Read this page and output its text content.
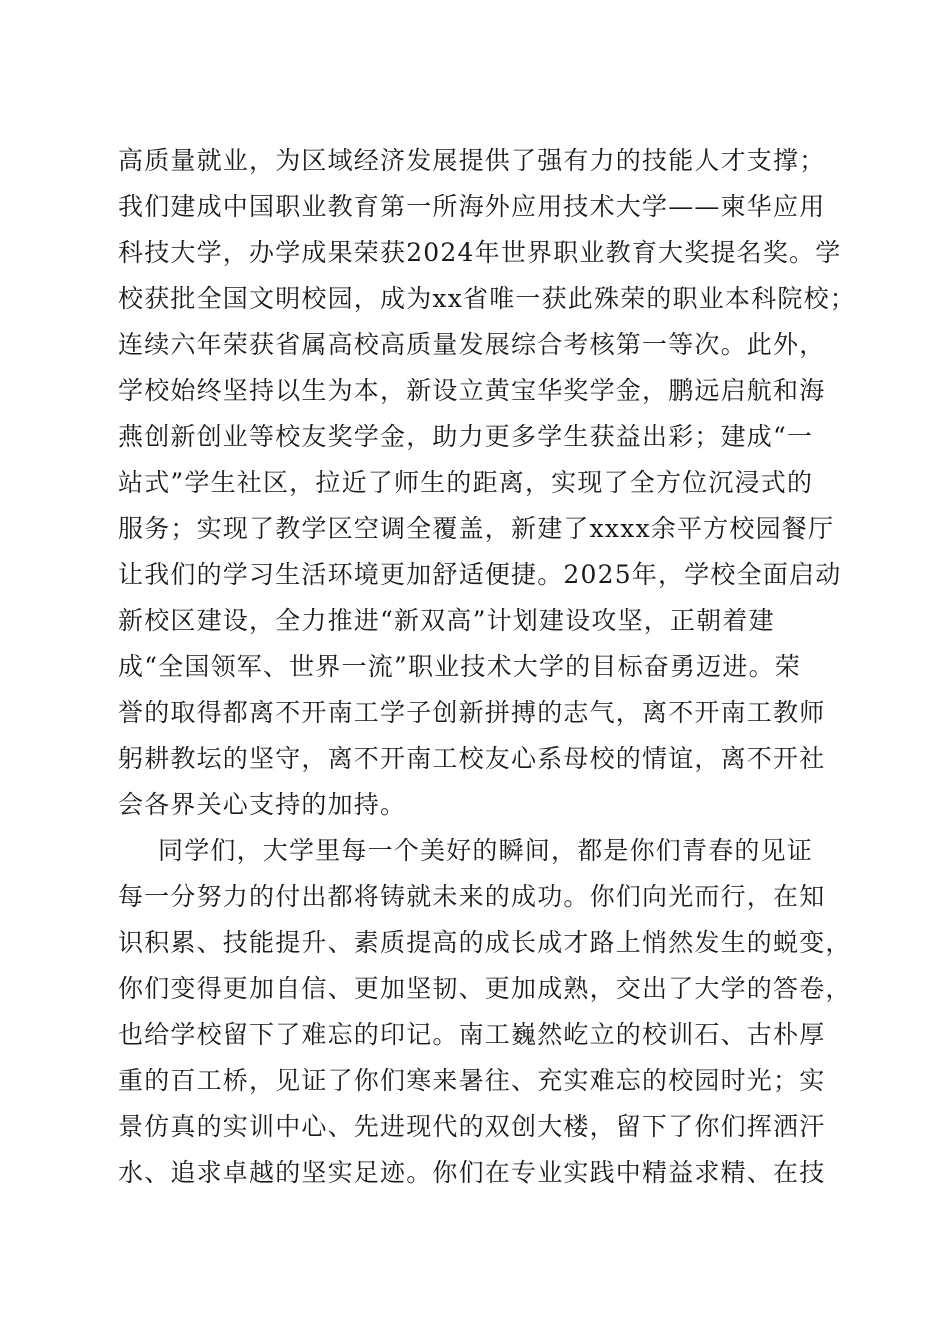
高质量就业，为区域经济发展提供了强有力的技能人才支撑；
我们建成中国职业教育第一所海外应用技术大学——柬华应用
科技大学，办学成果荣获2024年世界职业教育大奖提名奖。学
校获批全国文明校园，成为xx省唯一获此殊荣的职业本科院校；
连续六年荣获省属高校高质量发展综合考核第一等次。此外，
学校始终坚持以生为本，新设立黄宝华奖学金，鹏远启航和海
燕创新创业等校友奖学金，助力更多学生获益出彩；建成“一
站式”学生社区，拉近了师生的距离，实现了全方位沉浸式的
服务；实现了教学区空调全覆盖，新建了xxxx余平方校园餐厅
让我们的学习生活环境更加舒适便捷。2025年，学校全面启动
新校区建设，全力推进“新双高”计划建设攻坚，正朝着建
成“全国领军、世界一流”职业技术大学的目标奋勇迈进。荣
誉的取得都离不开南工学子创新拼搏的志气，离不开南工教师
躬耕教坛的坚守，离不开南工校友心系母校的情谊，离不开社
会各界关心支持的加持。
同学们，大学里每一个美好的瞬间，都是你们青春的见证
每一分努力的付出都将铸就未来的成功。你们向光而行，在知
识积累、技能提升、素质提高的成长成才路上悄然发生的蜕变，
你们变得更加自信、更加坚韧、更加成熟，交出了大学的答卷，
也给学校留下了难忘的印记。南工巍然屹立的校训石、古朴厚
重的百工桥，见证了你们寒来暑往、充实难忘的校园时光；实
景仿真的实训中心、先进现代的双创大楼，留下了你们挥洒汗
水、追求卓越的坚实足迹。你们在专业实践中精益求精、在技
